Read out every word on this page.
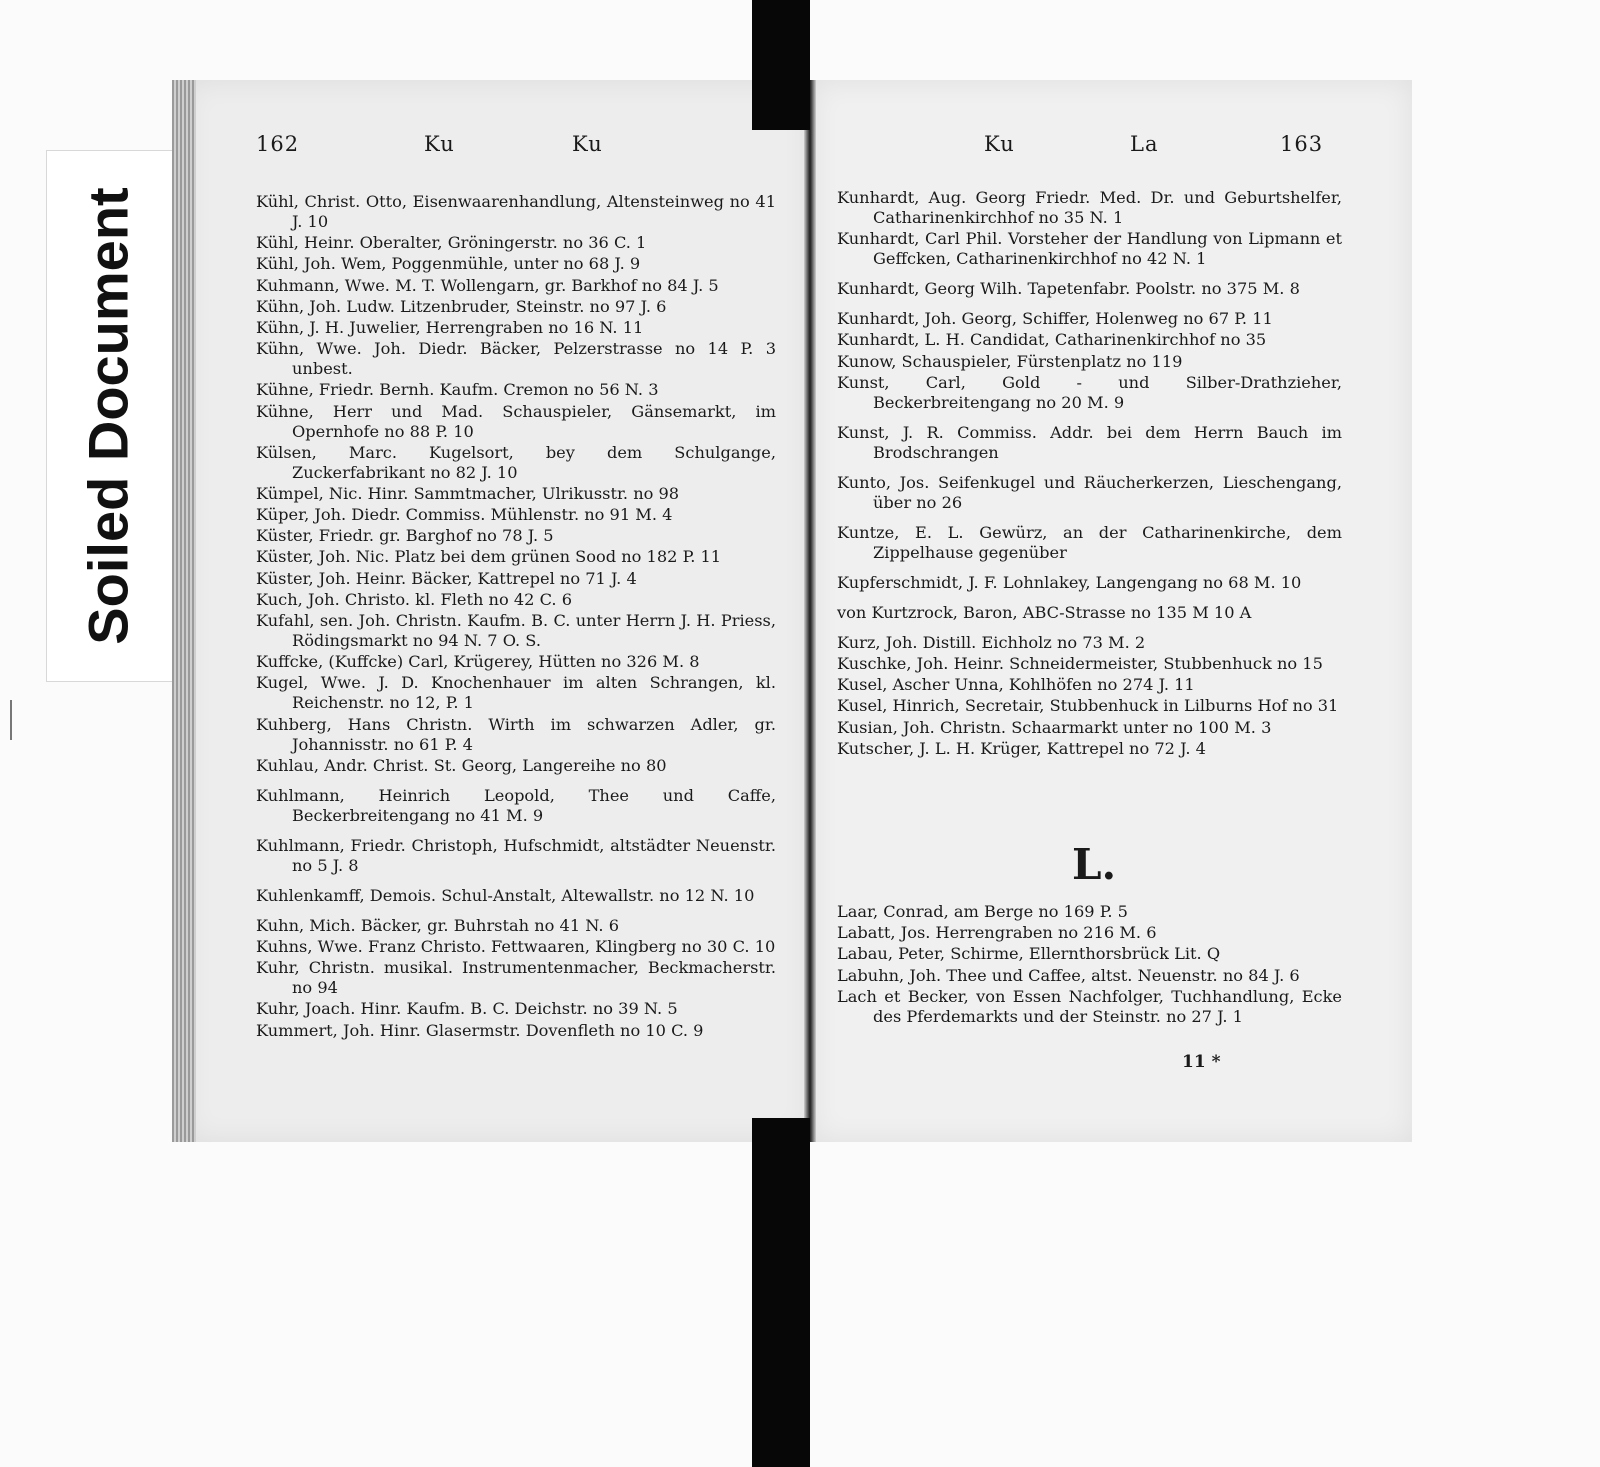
Soiled Document
162	Ku	Ku
Kühl, Christ. Otto, Eisenwaarenhandlung, Altensteinweg no 41 J. 10
Kühl, Heinr. Oberalter, Gröningerstr. no 36 C. 1
Kühl, Joh. Wem, Poggenmühle, unter no 68 J. 9
Kuhmann, Wwe. M. T. Wollengarn, gr. Barkhof no 84 J. 5
Kühn, Joh. Ludw. Litzenbruder, Steinstr. no 97 J. 6
Kühn, J. H. Juwelier, Herrengraben no 16 N. 11
Kühn, Wwe. Joh. Diedr. Bäcker, Pelzerstrasse no 14 P. 3 unbest.
Kühne, Friedr. Bernh. Kaufm. Cremon no 56 N. 3
Kühne, Herr und Mad. Schauspieler, Gänsemarkt, im Opernhofe no 88 P. 10
Külsen, Marc. Kugelsort, bey dem Schulgange, Zuckerfabrikant no 82 J. 10
Kümpel, Nic. Hinr. Sammtmacher, Ulrikusstr. no 98
Küper, Joh. Diedr. Commiss. Mühlenstr. no 91 M. 4
Küster, Friedr. gr. Barghof no 78 J. 5
Küster, Joh. Nic. Platz bei dem grünen Sood no 182 P. 11
Küster, Joh. Heinr. Bäcker, Kattrepel no 71 J. 4
Kuch, Joh. Christo. kl. Fleth no 42 C. 6
Kufahl, sen. Joh. Christn. Kaufm. B. C. unter Herrn J. H. Priess, Rödingsmarkt no 94 N. 7 O. S.
Kuffcke, (Kuffcke) Carl, Krügerey, Hütten no 326 M. 8
Kugel, Wwe. J. D. Knochenhauer im alten Schrangen, kl. Reichenstr. no 12, P. 1
Kuhberg, Hans Christn. Wirth im schwarzen Adler, gr. Johannisstr. no 61 P. 4
Kuhlau, Andr. Christ. St. Georg, Langereihe no 80
Kuhlmann, Heinrich Leopold, Thee und Caffe, Beckerbreitengang no 41 M. 9
Kuhlmann, Friedr. Christoph, Hufschmidt, altstädter Neuenstr. no 5 J. 8
Kuhlenkamff, Demois. Schul-Anstalt, Altewallstr. no 12 N. 10
Kuhn, Mich. Bäcker, gr. Buhrstah no 41 N. 6
Kuhns, Wwe. Franz Christo. Fettwaaren, Klingberg no 30 C. 10
Kuhr, Christn. musikal. Instrumentenmacher, Beckmacherstr. no 94
Kuhr, Joach. Hinr. Kaufm. B. C. Deichstr. no 39 N. 5
Kummert, Joh. Hinr. Glasermstr. Dovenfleth no 10 C. 9
Ku	La	163
Kunhardt, Aug. Georg Friedr. Med. Dr. und Geburtshelfer, Catharinenkirchhof no 35 N. 1
Kunhardt, Carl Phil. Vorsteher der Handlung von Lipmann et Geffcken, Catharinenkirchhof no 42 N. 1
Kunhardt, Georg Wilh. Tapetenfabr. Poolstr. no 375 M. 8
Kunhardt, Joh. Georg, Schiffer, Holenweg no 67 P. 11
Kunhardt, L. H. Candidat, Catharinenkirchhof no 35
Kunow, Schauspieler, Fürstenplatz no 119
Kunst, Carl, Gold - und Silber-Drathzieher, Beckerbreitengang no 20 M. 9
Kunst, J. R. Commiss. Addr. bei dem Herrn Bauch im Brodschrangen
Kunto, Jos. Seifenkugel und Räucherkerzen, Lieschengang, über no 26
Kuntze, E. L. Gewürz, an der Catharinenkirche, dem Zippelhause gegenüber
Kupferschmidt, J. F. Lohnlakey, Langengang no 68 M. 10
von Kurtzrock, Baron, ABC-Strasse no 135 M 10 A
Kurz, Joh. Distill. Eichholz no 73 M. 2
Kuschke, Joh. Heinr. Schneidermeister, Stubbenhuck no 15
Kusel, Ascher Unna, Kohlhöfen no 274 J. 11
Kusel, Hinrich, Secretair, Stubbenhuck in Lilburns Hof no 31
Kusian, Joh. Christn. Schaarmarkt unter no 100 M. 3
Kutscher, J. L. H. Krüger, Kattrepel no 72 J. 4
L.
Laar, Conrad, am Berge no 169 P. 5
Labatt, Jos. Herrengraben no 216 M. 6
Labau, Peter, Schirme, Ellernthorsbrück Lit. Q
Labuhn, Joh. Thee und Caffee, altst. Neuenstr. no 84 J. 6
Lach et Becker, von Essen Nachfolger, Tuchhandlung, Ecke des Pferdemarkts und der Steinstr. no 27 J. 1
11 *
